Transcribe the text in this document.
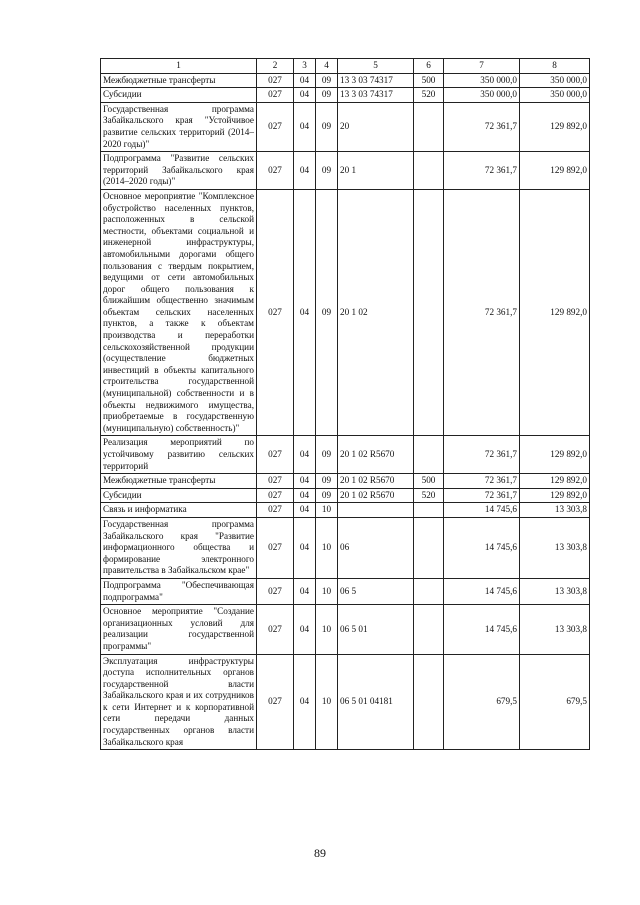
1	2	3	4	5	6	7	8
Межбюджетные трансферты	027	04	09	13 3 03 74317	500	350 000,0	350 000,0
Субсидии	027	04	09	13 3 03 74317	520	350 000,0	350 000,0
Государственная программа Забайкальского края "Устойчивое развитие сельских территорий (2014–2020 годы)"	027	04	09	20		72 361,7	129 892,0
Подпрограмма "Развитие сельских территорий Забайкальского края (2014–2020 годы)"	027	04	09	20 1		72 361,7	129 892,0
Основное мероприятие "Комплексное обустройство населенных пунктов, расположенных в сельской местности, объектами социальной и инженерной инфраструктуры, автомобильными дорогами общего пользования с твердым покрытием, ведущими от сети автомобильных дорог общего пользования к ближайшим общественно значимым объектам сельских населенных пунктов, а также к объектам производства и переработки сельскохозяйственной продукции (осуществление бюджетных инвестиций в объекты капитального строительства государственной (муниципальной) собственности и в объекты недвижимого имущества, приобретаемые в государственную (муниципальную) собственность)"	027	04	09	20 1 02		72 361,7	129 892,0
Реализация мероприятий по устойчивому развитию сельских территорий	027	04	09	20 1 02 R5670		72 361,7	129 892,0
Межбюджетные трансферты	027	04	09	20 1 02 R5670	500	72 361,7	129 892,0
Субсидии	027	04	09	20 1 02 R5670	520	72 361,7	129 892,0
Связь и информатика	027	04	10			14 745,6	13 303,8
Государственная программа Забайкальского края "Развитие информационного общества и формирование электронного правительства в Забайкальском крае"	027	04	10	06		14 745,6	13 303,8
Подпрограмма "Обеспечивающая подпрограмма"	027	04	10	06 5		14 745,6	13 303,8
Основное мероприятие "Создание организационных условий для реализации государственной программы"	027	04	10	06 5 01		14 745,6	13 303,8
Эксплуатация инфраструктуры доступа исполнительных органов государственной власти Забайкальского края и их сотрудников к сети Интернет и к корпоративной сети передачи данных государственных органов власти Забайкальского края	027	04	10	06 5 01 04181		679,5	679,5
89
